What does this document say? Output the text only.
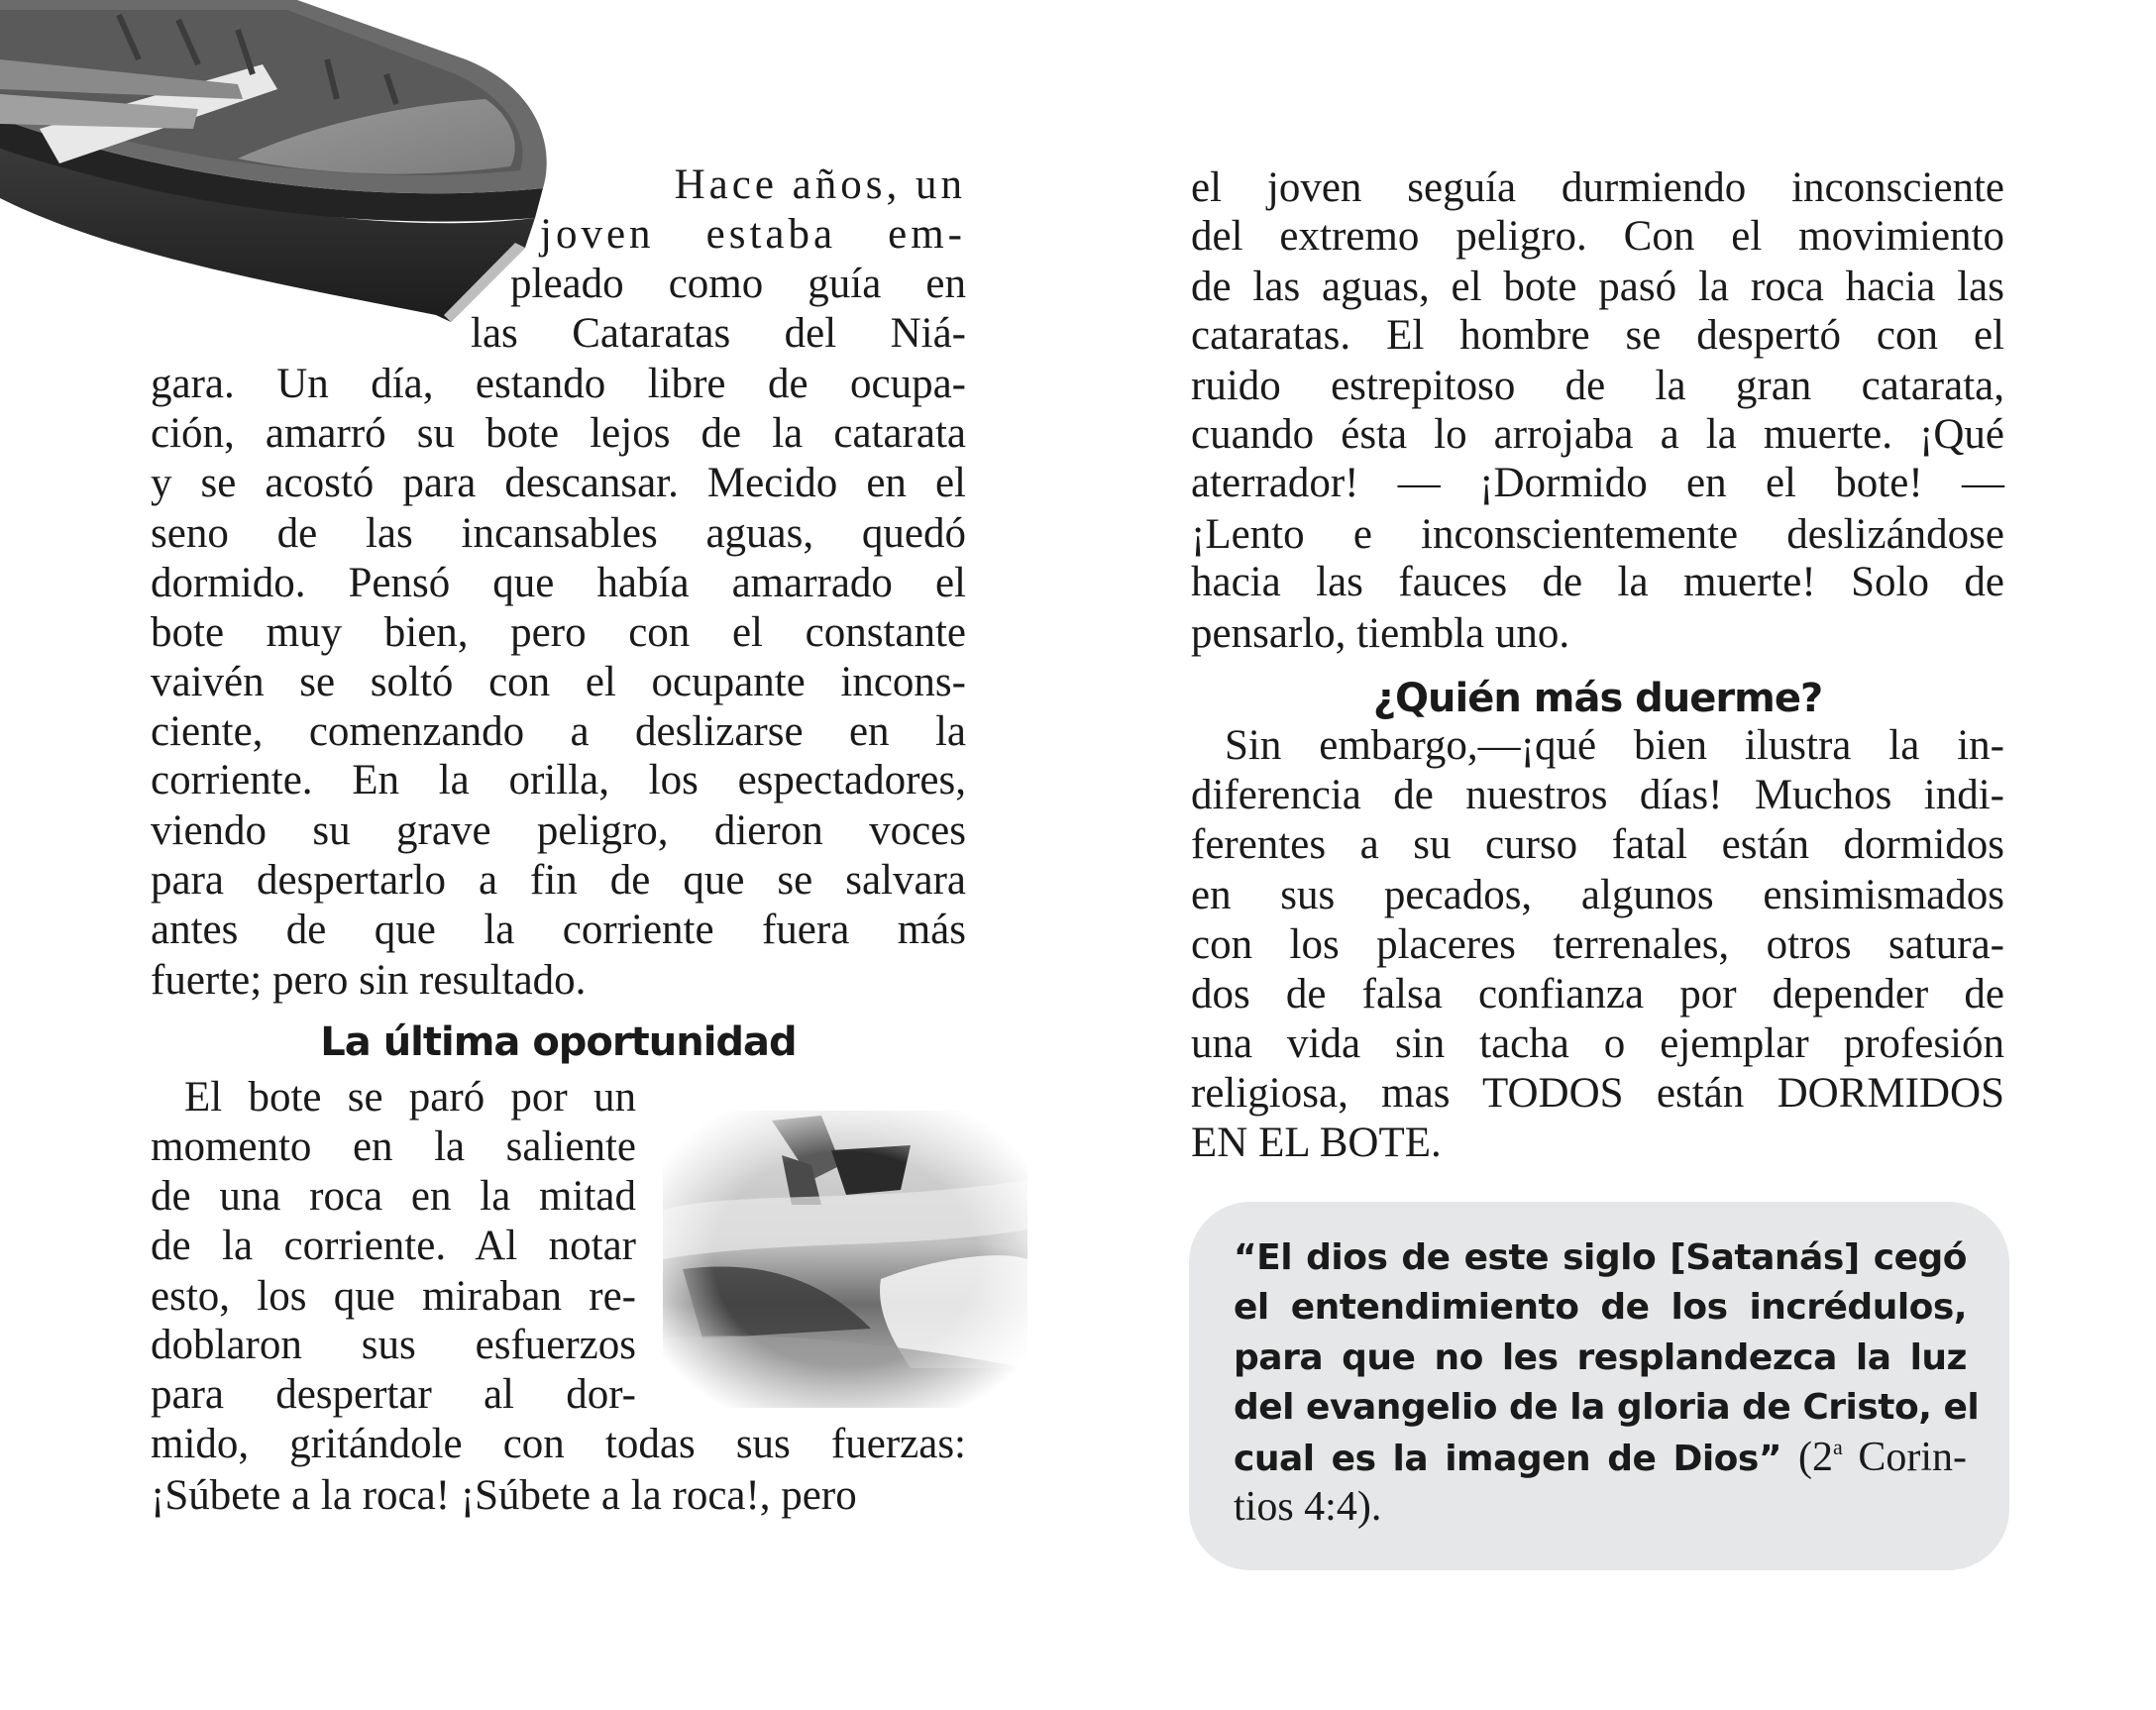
Hace años, un
joven estaba em-
pleado como guía en
las Cataratas del Niá-
gara. Un día, estando libre de ocupa-
ción, amarró su bote lejos de la catarata
y se acostó para descansar. Mecido en el
seno de las incansables aguas, quedó
dormido. Pensó que había amarrado el
bote muy bien, pero con el constante
vaivén se soltó con el ocupante incons-
ciente, comenzando a deslizarse en la
corriente. En la orilla, los espectadores,
viendo su grave peligro, dieron voces
para despertarlo a fin de que se salvara
antes de que la corriente fuera más
fuerte; pero sin resultado.
La última oportunidad
El bote se paró por un
momento en la saliente
de una roca en la mitad
de la corriente. Al notar
esto, los que miraban re-
doblaron sus esfuerzos
para despertar al dor-
mido, gritándole con todas sus fuerzas:
¡Súbete a la roca! ¡Súbete a la roca!, pero
el joven seguía durmiendo inconsciente
del extremo peligro. Con el movimiento
de las aguas, el bote pasó la roca hacia las
cataratas. El hombre se despertó con el
ruido estrepitoso de la gran catarata,
cuando ésta lo arrojaba a la muerte. ¡Qué
aterrador! — ¡Dormido en el bote! —
¡Lento e inconscientemente deslizándose
hacia las fauces de la muerte! Solo de
pensarlo, tiembla uno.
¿Quién más duerme?
Sin embargo,—¡qué bien ilustra la in-
diferencia de nuestros días! Muchos indi-
ferentes a su curso fatal están dormidos
en sus pecados, algunos ensimismados
con los placeres terrenales, otros satura-
dos de falsa confianza por depender de
una vida sin tacha o ejemplar profesión
religiosa, mas TODOS están DORMIDOS
EN EL BOTE.
“El dios de este siglo [Satanás] cegó
el entendimiento de los incrédulos,
para que no les resplandezca la luz
del evangelio de la gloria de Cristo, el
cual es la imagen de Dios” (2$^a$ Corin-
tios 4:4).
